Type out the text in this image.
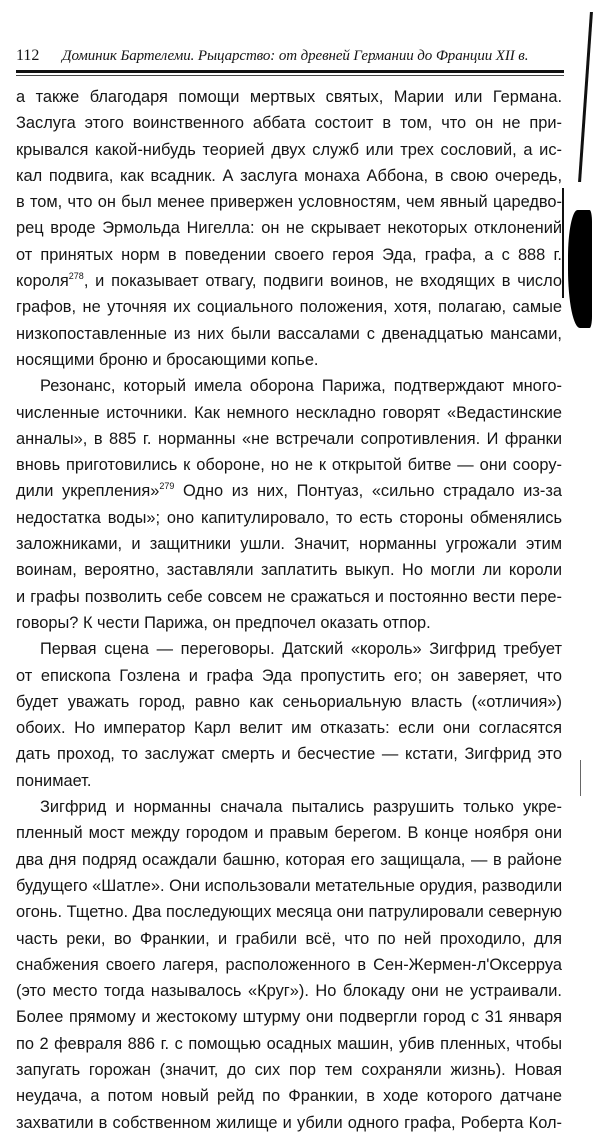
112	Доминик Бартелеми. Рыцарство: от древней Германии до Франции XII в.
а также благодаря помощи мертвых святых, Марии или Германа.
Заслуга этого воинственного аббата состоит в том, что он не при-
крывался какой-нибудь теорией двух служб или трех сословий, а ис-
кал подвига, как всадник. А заслуга монаха Аббона, в свою очередь,
в том, что он был менее привержен условностям, чем явный царедво-
рец вроде Эрмольда Нигелла: он не скрывает некоторых отклонений
от принятых норм в поведении своего героя Эда, графа, а с 888 г.
короля$^{278}$, и показывает отвагу, подвиги воинов, не входящих в число
графов, не уточняя их социального положения, хотя, полагаю, самые
низкопоставленные из них были вассалами с двенадцатью мансами,
носящими броню и бросающими копье.
Резонанс, который имела оборона Парижа, подтверждают много-
численные источники. Как немного нескладно говорят «Ведастинские
анналы», в 885 г. норманны «не встречали сопротивления. И франки
вновь приготовились к обороне, но не к открытой битве — они соору-
дили укрепления»$^{279}$ Одно из них, Понтуаз, «сильно страдало из-за
недостатка воды»; оно капитулировало, то есть стороны обменялись
заложниками, и защитники ушли. Значит, норманны угрожали этим
воинам, вероятно, заставляли заплатить выкуп. Но могли ли короли
и графы позволить себе совсем не сражаться и постоянно вести пере-
говоры? К чести Парижа, он предпочел оказать отпор.
Первая сцена — переговоры. Датский «король» Зигфрид требует
от епископа Гозлена и графа Эда пропустить его; он заверяет, что
будет уважать город, равно как сеньориальную власть («отличия»)
обоих. Но император Карл велит им отказать: если они согласятся
дать проход, то заслужат смерть и бесчестие — кстати, Зигфрид это
понимает.
Зигфрид и норманны сначала пытались разрушить только укре-
пленный мост между городом и правым берегом. В конце ноября они
два дня подряд осаждали башню, которая его защищала, — в районе
будущего «Шатле». Они использовали метательные орудия, разводили
огонь. Тщетно. Два последующих месяца они патрулировали северную
часть реки, во Франкии, и грабили всё, что по ней проходило, для
снабжения своего лагеря, расположенного в Сен-Жермен-л'Оксерруа
(это место тогда называлось «Круг»). Но блокаду они не устраивали.
Более прямому и жестокому штурму они подвергли город с 31 января
по 2 февраля 886 г. с помощью осадных машин, убив пленных, чтобы
запугать горожан (значит, до сих пор тем сохраняли жизнь). Новая
неудача, а потом новый рейд по Франкии, в ходе которого датчане
захватили в собственном жилище и убили одного графа, Роберта Кол-
